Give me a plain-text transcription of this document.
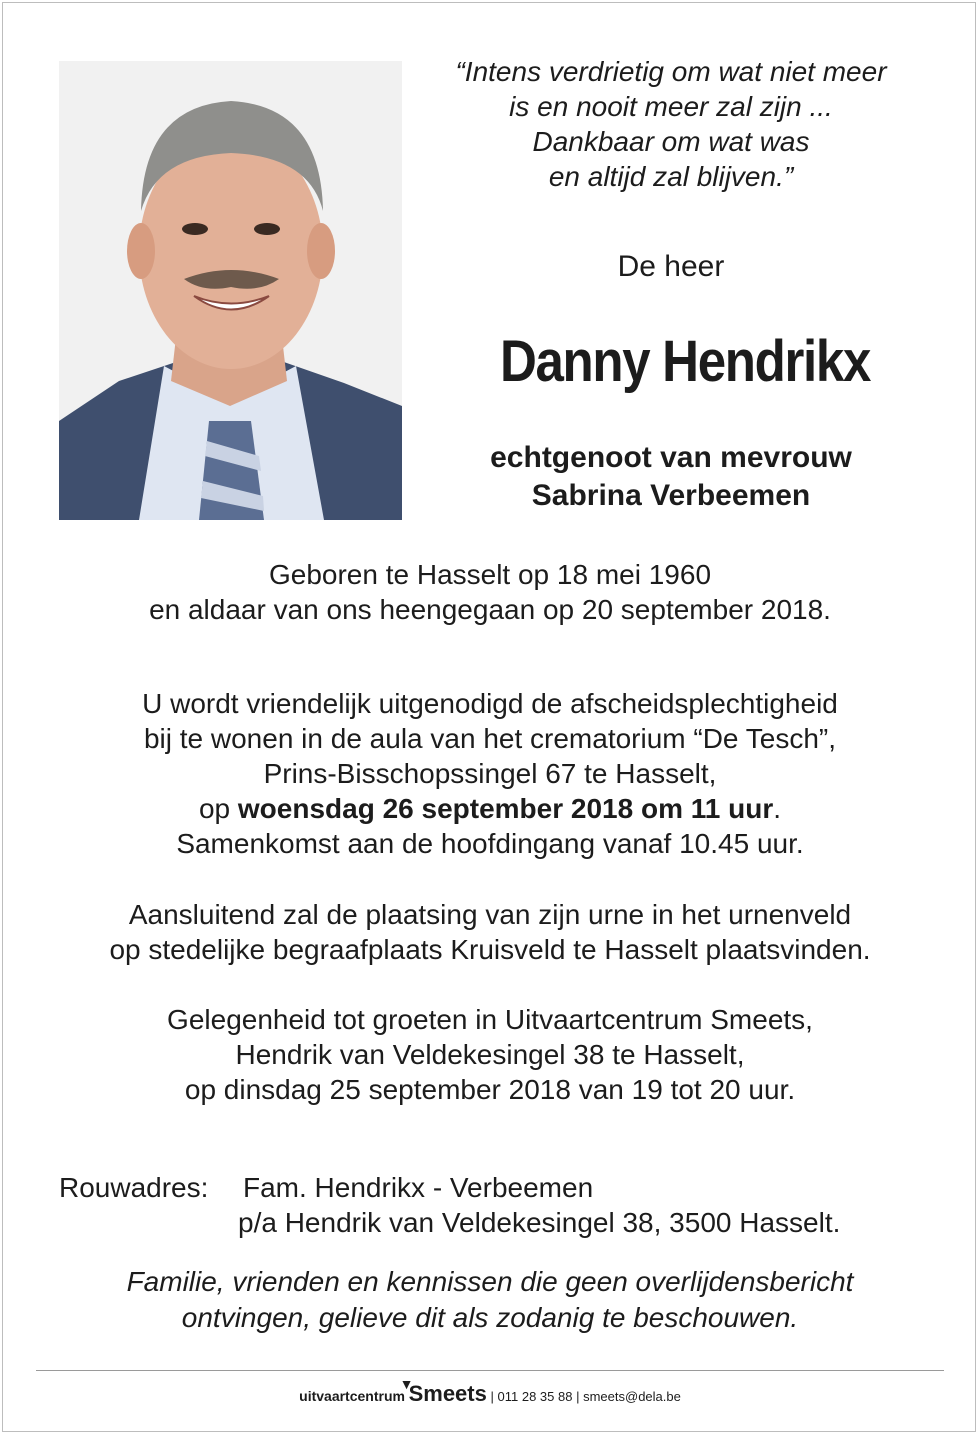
“Intens verdrietig om wat niet meer
is en nooit meer zal zijn ...
Dankbaar om wat was
en altijd zal blijven.”
De heer
Danny Hendrikx
echtgenoot van mevrouw
Sabrina Verbeemen
Geboren te Hasselt op 18 mei 1960
en aldaar van ons heengegaan op 20 september 2018.
U wordt vriendelijk uitgenodigd de afscheidsplechtigheid
bij te wonen in de aula van het crematorium “De Tesch”,
Prins-Bisschopssingel 67 te Hasselt,
op woensdag 26 september 2018 om 11 uur.
Samenkomst aan de hoofdingang vanaf 10.45 uur.
Aansluitend zal de plaatsing van zijn urne in het urnenveld
op stedelijke begraafplaats Kruisveld te Hasselt plaatsvinden.
Gelegenheid tot groeten in Uitvaartcentrum Smeets,
Hendrik van Veldekesingel 38 te Hasselt,
op dinsdag 25 september 2018 van 19 tot 20 uur.
Rouwadres: Fam. Hendrikx - Verbeemen
p/a Hendrik van Veldekesingel 38, 3500 Hasselt.
Familie, vrienden en kennissen die geen overlijdensbericht
ontvingen, gelieve dit als zodanig te beschouwen.
uitvaartcentrum
▼
Smeets | 011 28 35 88 | smeets@dela.be
